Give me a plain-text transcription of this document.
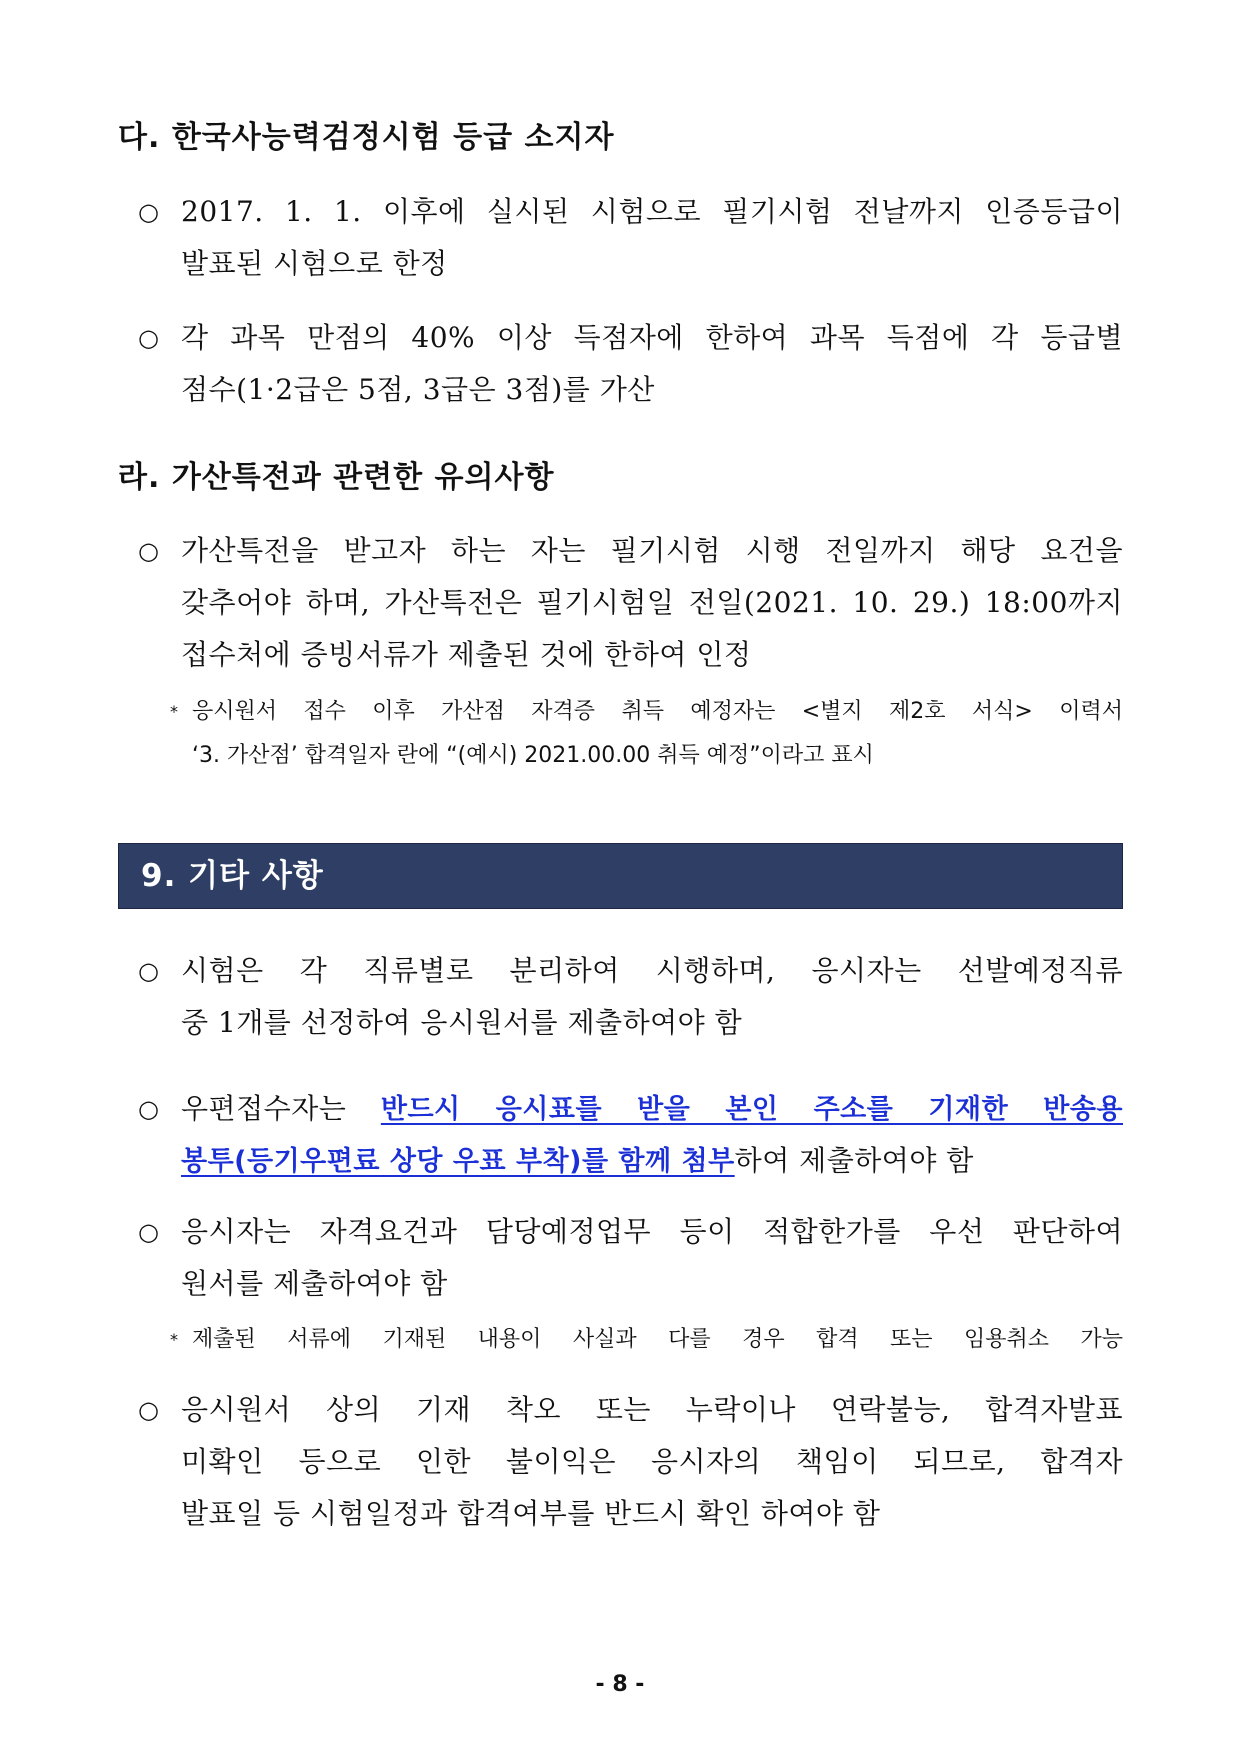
다. 한국사능력검정시험 등급 소지자
○ 2017. 1. 1. 이후에 실시된 시험으로 필기시험 전날까지 인증등급이
발표된 시험으로 한정
○ 각 과목 만점의 40% 이상 득점자에 한하여 과목 득점에 각 등급별
점수(1·2급은 5점, 3급은 3점)를 가산
라. 가산특전과 관련한 유의사항
○ 가산특전을 받고자 하는 자는 필기시험 시행 전일까지 해당 요건을
갖추어야 하며, 가산특전은 필기시험일 전일(2021. 10. 29.) 18:00까지
접수처에 증빙서류가 제출된 것에 한하여 인정
* 응시원서 접수 이후 가산점 자격증 취득 예정자는 <별지 제2호 서식> 이력서
‘3. 가산점’ 합격일자 란에 “(예시) 2021.00.00 취득 예정”이라고 표시
9. 기타 사항
○ 시험은 각 직류별로 분리하여 시행하며, 응시자는 선발예정직류
중 1개를 선정하여 응시원서를 제출하여야 함
○ 우편접수자는 반드시 응시표를 받을 본인 주소를 기재한 반송용
봉투(등기우편료 상당 우표 부착)를 함께 첨부하여 제출하여야 함
○ 응시자는 자격요건과 담당예정업무 등이 적합한가를 우선 판단하여
원서를 제출하여야 함
* 제출된 서류에 기재된 내용이 사실과 다를 경우 합격 또는 임용취소 가능
○ 응시원서 상의 기재 착오 또는 누락이나 연락불능, 합격자발표
미확인 등으로 인한 불이익은 응시자의 책임이 되므로, 합격자
발표일 등 시험일정과 합격여부를 반드시 확인 하여야 함
- 8 -
